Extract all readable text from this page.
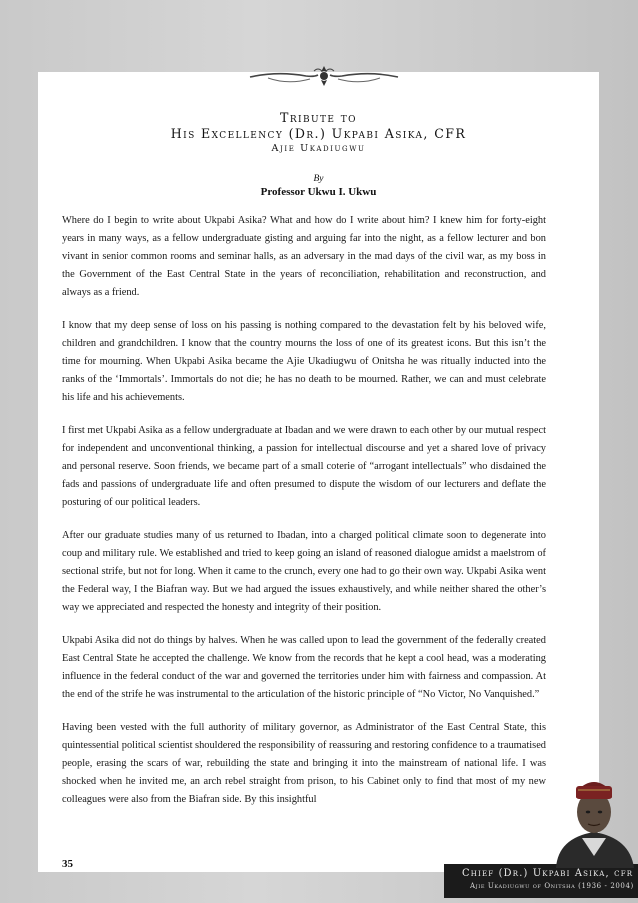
Tribute to
His Excellency (Dr.) Ukpabi Asika, CFR
Ajie Ukadiugwu
By
Professor Ukwu I. Ukwu

Where do I begin to write about Ukpabi Asika? What and how do I write about him? I knew him for forty-eight years in many ways, as a fellow undergraduate gisting and arguing far into the night, as a fellow lecturer and bon vivant in senior common rooms and seminar halls, as an adversary in the mad days of the civil war, as my boss in the Government of the East Central State in the years of reconciliation, rehabilitation and reconstruction, and always as a friend.

I know that my deep sense of loss on his passing is nothing compared to the devastation felt by his beloved wife, children and grandchildren. I know that the country mourns the loss of one of its greatest icons. But this isn’t the time for mourning. When Ukpabi Asika became the Ajie Ukadiugwu of Onitsha he was ritually inducted into the ranks of the ‘Immortals’. Immortals do not die; he has no death to be mourned. Rather, we can and must celebrate his life and his achievements.

I first met Ukpabi Asika as a fellow undergraduate at Ibadan and we were drawn to each other by our mutual respect for independent and unconventional thinking, a passion for intellectual discourse and yet a shared love of privacy and personal reserve. Soon friends, we became part of a small coterie of “arrogant intellectuals” who disdained the fads and passions of undergraduate life and often presumed to dispute the wisdom of our lecturers and deflate the posturing of our political leaders.

After our graduate studies many of us returned to Ibadan, into a charged political climate soon to degenerate into coup and military rule. We established and tried to keep going an island of reasoned dialogue amidst a maelstrom of sectional strife, but not for long. When it came to the crunch, every one had to go their own way. Ukpabi Asika went the Federal way, I the Biafran way. But we had argued the issues exhaustively, and while neither shared the other’s way we appreciated and respected the honesty and integrity of their position.

Ukpabi Asika did not do things by halves. When he was called upon to lead the government of the federally created East Central State he accepted the challenge. We know from the records that he kept a cool head, was a moderating influence in the federal conduct of the war and governed the territories under him with fairness and compassion. At the end of the strife he was instrumental to the articulation of the historic principle of “No Victor, No Vanquished.”

Having been vested with the full authority of military governor, as Administrator of the East Central State, this quintessential political scientist shouldered the responsibility of reassuring and restoring confidence to a traumatised people, erasing the scars of war, rebuilding the state and bringing it into the mainstream of national life. I was shocked when he invited me, an arch rebel straight from prison, to his Cabinet only to find that most of my new colleagues were also from the Biafran side. By this insightful

35
Chief (Dr.) Ukpabi Asika, cfr
Ajie Ukadiugwu of Onitsha (1936 - 2004)
